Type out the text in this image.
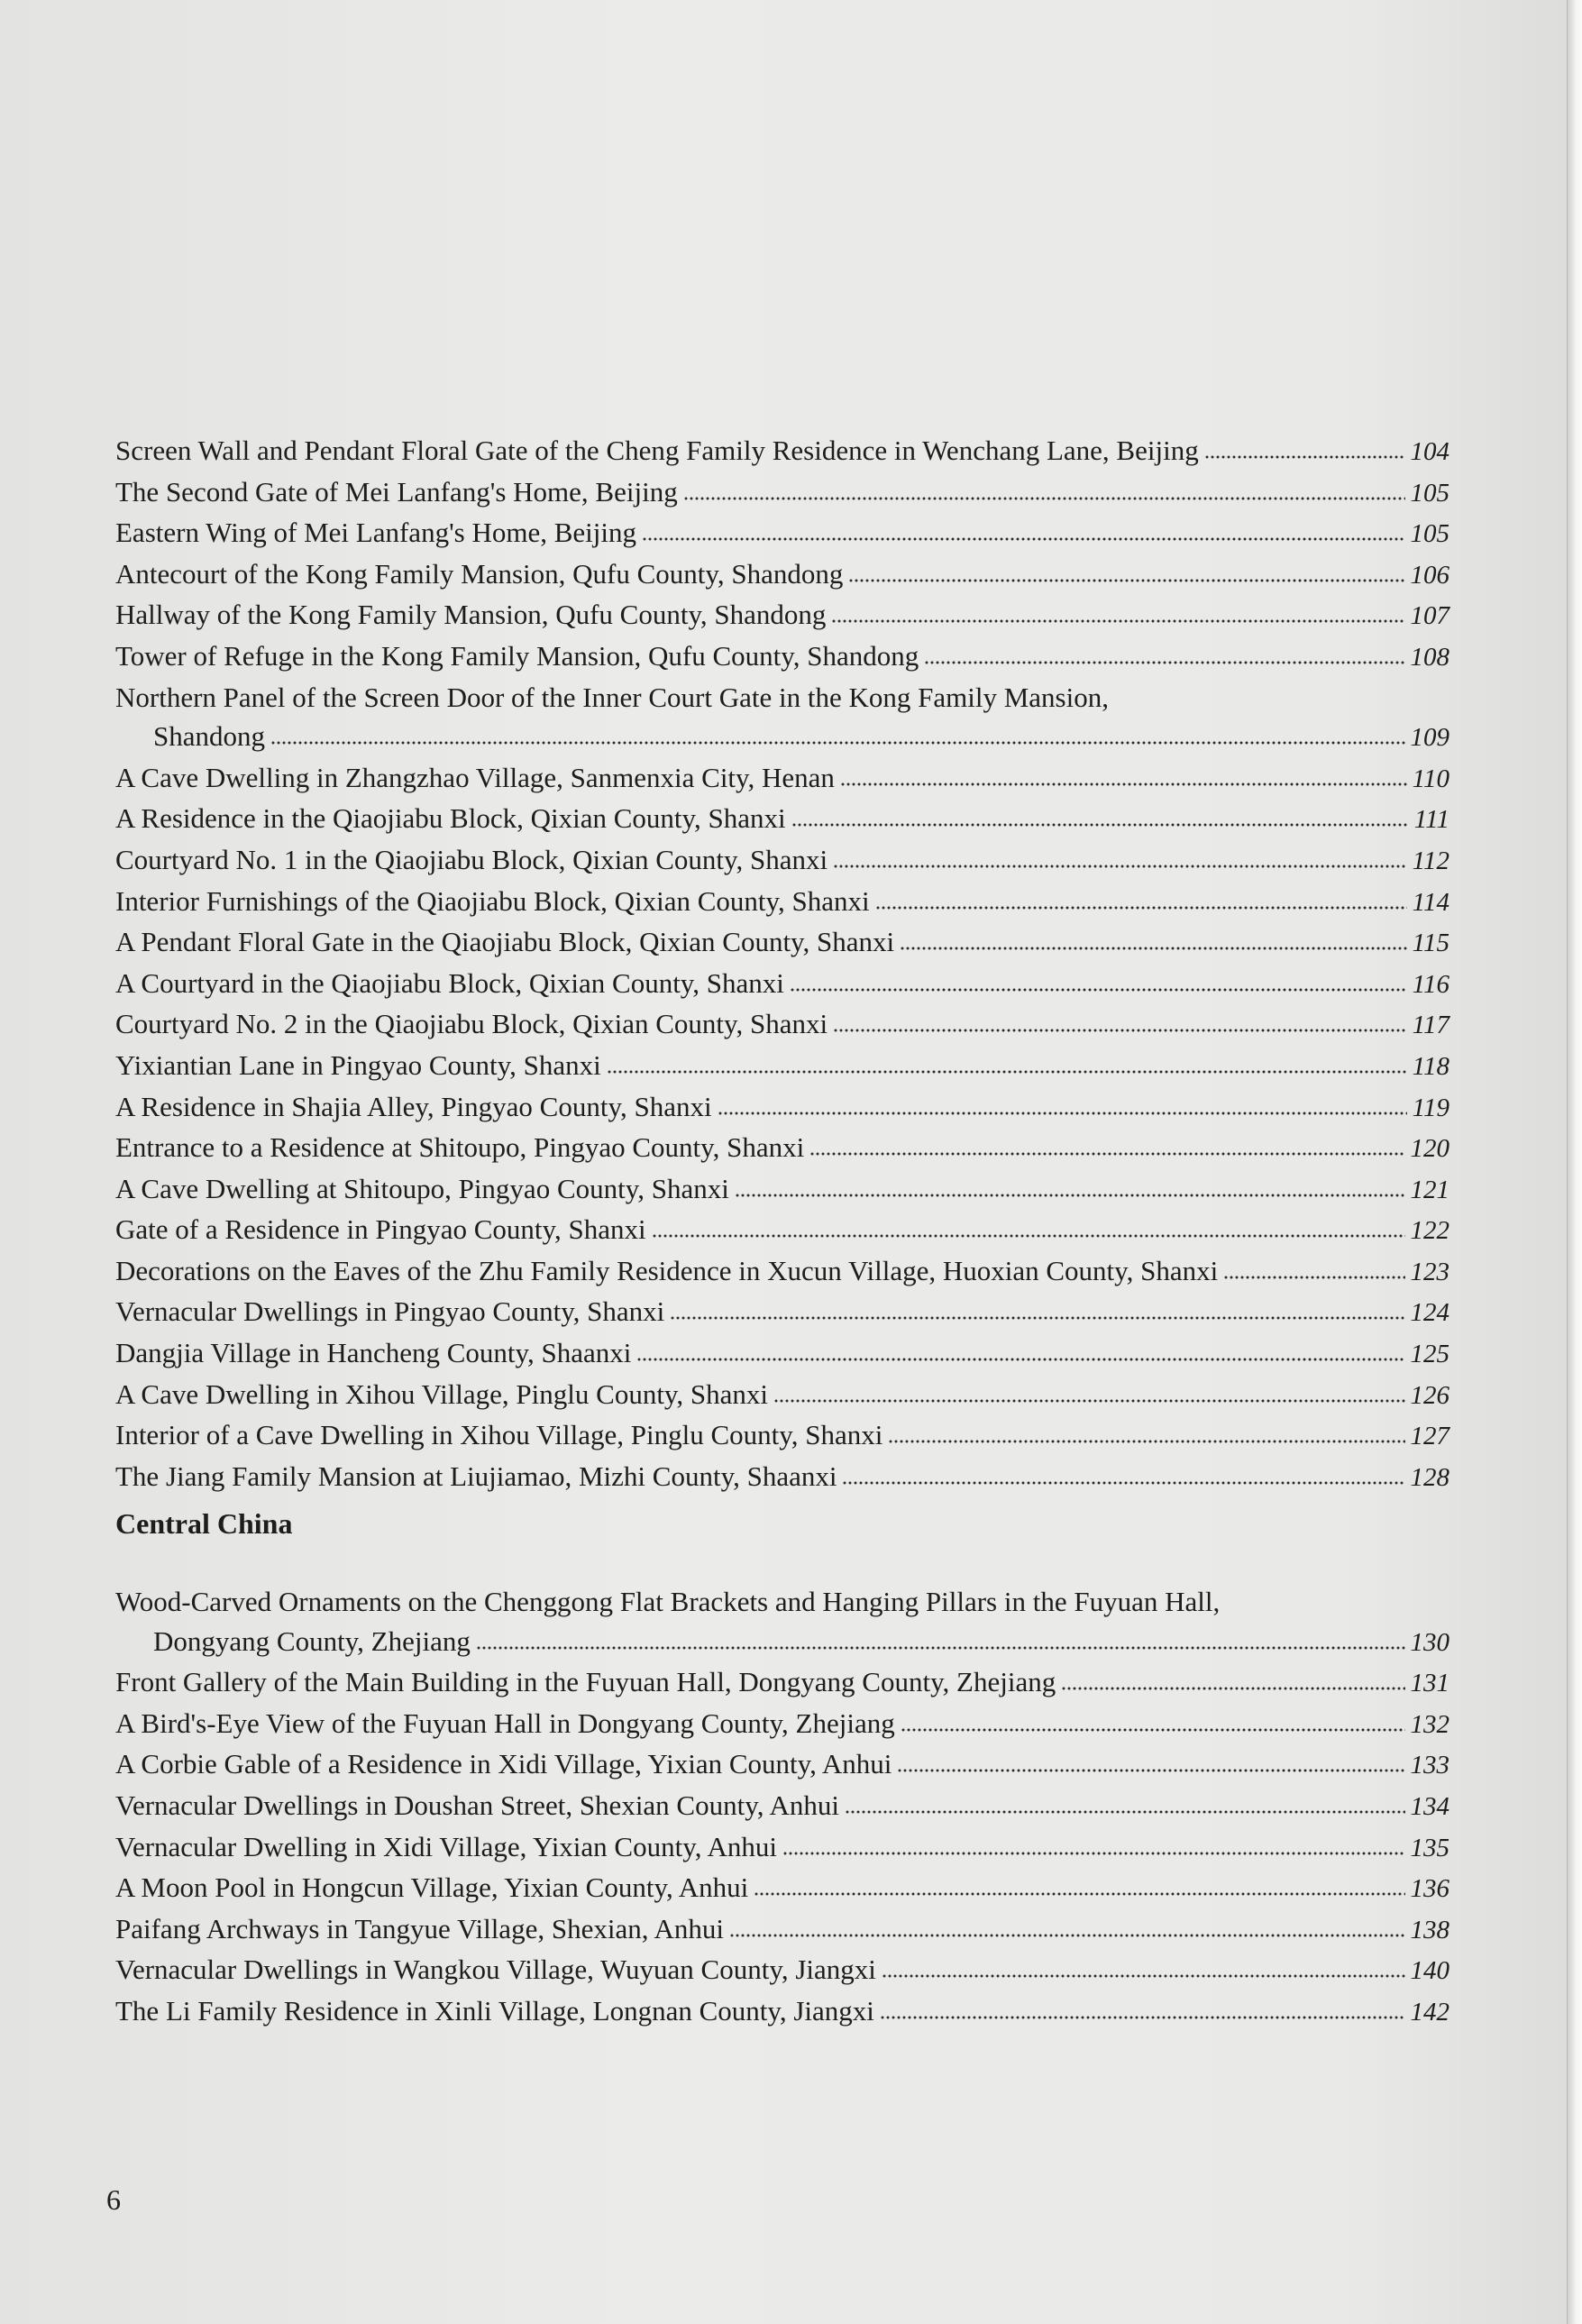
Screen Wall and Pendant Floral Gate of the Cheng Family Residence in Wenchang Lane, Beijing	104
The Second Gate of Mei Lanfang's Home, Beijing	105
Eastern Wing of Mei Lanfang's Home, Beijing	105
Antecourt of the Kong Family Mansion, Qufu County, Shandong	106
Hallway of the Kong Family Mansion, Qufu County, Shandong	107
Tower of Refuge in the Kong Family Mansion, Qufu County, Shandong	108
Northern Panel of the Screen Door of the Inner Court Gate in the Kong Family Mansion,
Shandong	109
A Cave Dwelling in Zhangzhao Village, Sanmenxia City, Henan	110
A Residence in the Qiaojiabu Block, Qixian County, Shanxi	111
Courtyard No. 1 in the Qiaojiabu Block, Qixian County, Shanxi	112
Interior Furnishings of the Qiaojiabu Block, Qixian County, Shanxi	114
A Pendant Floral Gate in the Qiaojiabu Block, Qixian County, Shanxi	115
A Courtyard in the Qiaojiabu Block, Qixian County, Shanxi	116
Courtyard No. 2 in the Qiaojiabu Block, Qixian County, Shanxi	117
Yixiantian Lane in Pingyao County, Shanxi	118
A Residence in Shajia Alley, Pingyao County, Shanxi	119
Entrance to a Residence at Shitoupo, Pingyao County, Shanxi	120
A Cave Dwelling at Shitoupo, Pingyao County, Shanxi	121
Gate of a Residence in Pingyao County, Shanxi	122
Decorations on the Eaves of the Zhu Family Residence in Xucun Village, Huoxian County, Shanxi	123
Vernacular Dwellings in Pingyao County, Shanxi	124
Dangjia Village in Hancheng County, Shaanxi	125
A Cave Dwelling in Xihou Village, Pinglu County, Shanxi	126
Interior of a Cave Dwelling in Xihou Village, Pinglu County, Shanxi	127
The Jiang Family Mansion at Liujiamao, Mizhi County, Shaanxi	128
Central China
Wood-Carved Ornaments on the Chenggong Flat Brackets and Hanging Pillars in the Fuyuan Hall,
Dongyang County, Zhejiang	130
Front Gallery of the Main Building in the Fuyuan Hall, Dongyang County, Zhejiang	131
A Bird's-Eye View of the Fuyuan Hall in Dongyang County, Zhejiang	132
A Corbie Gable of a Residence in Xidi Village, Yixian County, Anhui	133
Vernacular Dwellings in Doushan Street, Shexian County, Anhui	134
Vernacular Dwelling in Xidi Village, Yixian County, Anhui	135
A Moon Pool in Hongcun Village, Yixian County, Anhui	136
Paifang Archways in Tangyue Village, Shexian, Anhui	138
Vernacular Dwellings in Wangkou Village, Wuyuan County, Jiangxi	140
The Li Family Residence in Xinli Village, Longnan County, Jiangxi	142
6
